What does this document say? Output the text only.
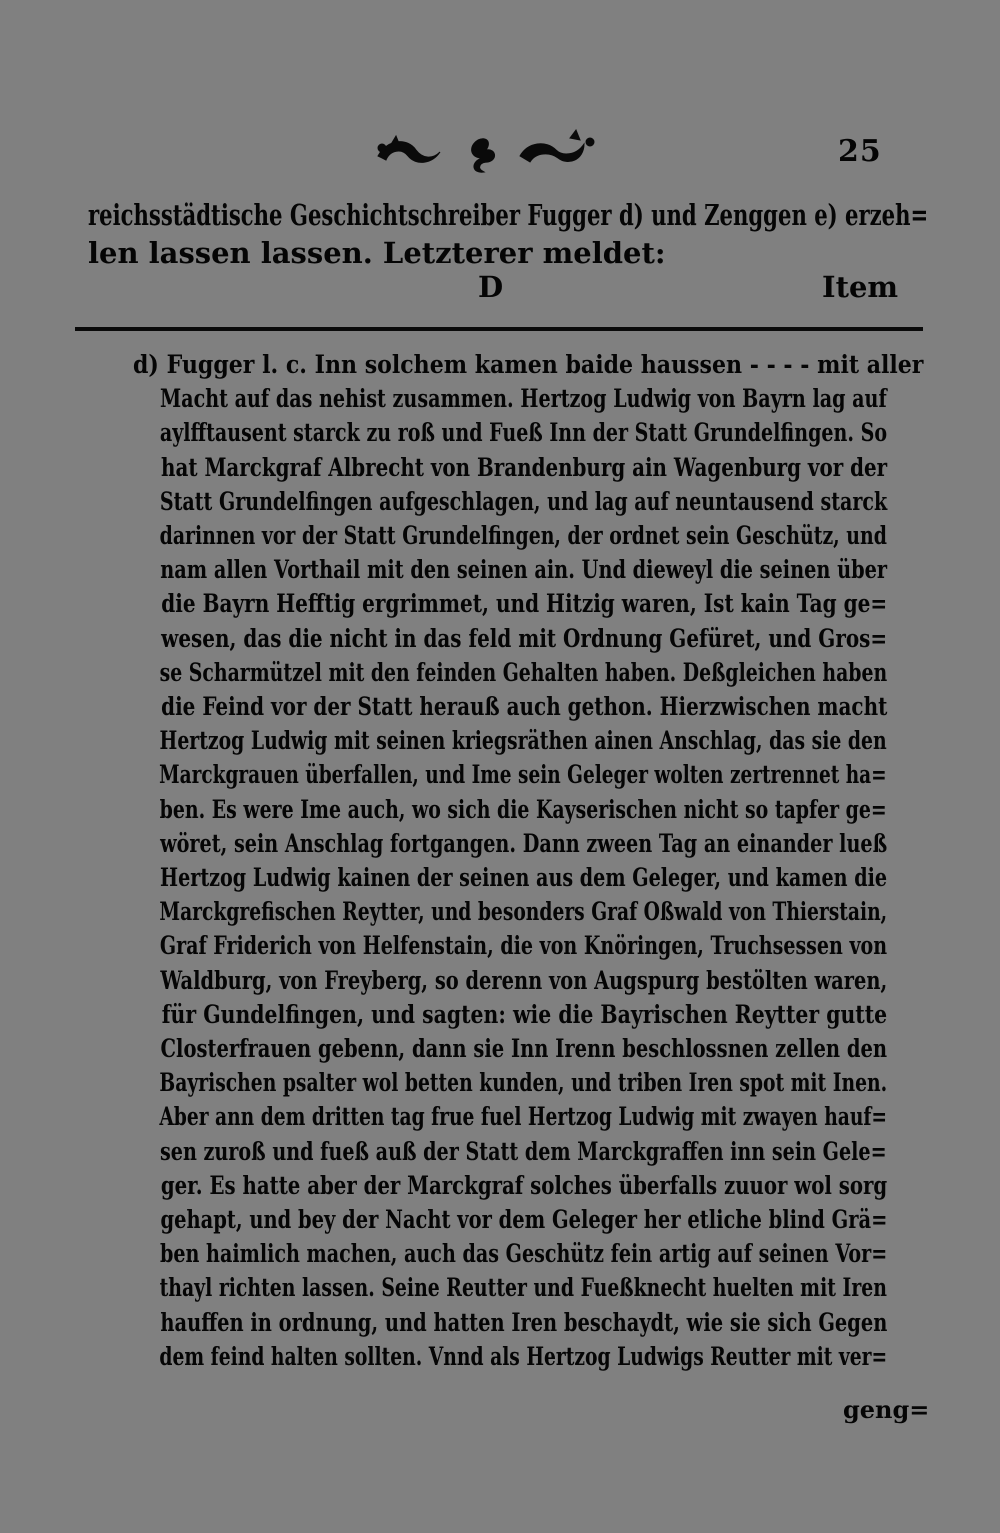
25
reichsstädtische Geschichtschreiber Fugger d) und Zenggen e) erzeh=
len lassen lassen. Letzterer meldet:
D	Item
d) Fugger l. c. Inn solchem kamen baide haussen - - - - mit aller
Macht auf das nehist zusammen. Hertzog Ludwig von Bayrn lag auf
aylfftausent starck zu roß und Fueß Inn der Statt Grundelfingen. So
hat Marckgraf Albrecht von Brandenburg ain Wagenburg vor der
Statt Grundelfingen aufgeschlagen, und lag auf neuntausend starck
darinnen vor der Statt Grundelfingen, der ordnet sein Geschütz, und
nam allen Vorthail mit den seinen ain. Und dieweyl die seinen über
die Bayrn Hefftig ergrimmet, und Hitzig waren, Ist kain Tag ge=
wesen, das die nicht in das feld mit Ordnung Gefüret, und Gros=
se Scharmützel mit den feinden Gehalten haben. Deßgleichen haben
die Feind vor der Statt herauß auch gethon. Hierzwischen macht
Hertzog Ludwig mit seinen kriegsräthen ainen Anschlag, das sie den
Marckgrauen überfallen, und Ime sein Geleger wolten zertrennet ha=
ben. Es were Ime auch, wo sich die Kayserischen nicht so tapfer ge=
wöret, sein Anschlag fortgangen. Dann zween Tag an einander lueß
Hertzog Ludwig kainen der seinen aus dem Geleger, und kamen die
Marckgrefischen Reytter, und besonders Graf Oßwald von Thierstain,
Graf Friderich von Helfenstain, die von Knöringen, Truchsessen von
Waldburg, von Freyberg, so derenn von Augspurg bestölten waren,
für Gundelfingen, und sagten: wie die Bayrischen Reytter gutte
Closterfrauen gebenn, dann sie Inn Irenn beschlossnen zellen den
Bayrischen psalter wol betten kunden, und triben Iren spot mit Inen.
Aber ann dem dritten tag frue fuel Hertzog Ludwig mit zwayen hauf=
sen zuroß und fueß auß der Statt dem Marckgraffen inn sein Gele=
ger. Es hatte aber der Marckgraf solches überfalls zuuor wol sorg
gehapt, und bey der Nacht vor dem Geleger her etliche blind Grä=
ben haimlich machen, auch das Geschütz fein artig auf seinen Vor=
thayl richten lassen. Seine Reutter und Fueßknecht huelten mit Iren
hauffen in ordnung, und hatten Iren beschaydt, wie sie sich Gegen
dem feind halten sollten. Vnnd als Hertzog Ludwigs Reutter mit ver=
geng=
